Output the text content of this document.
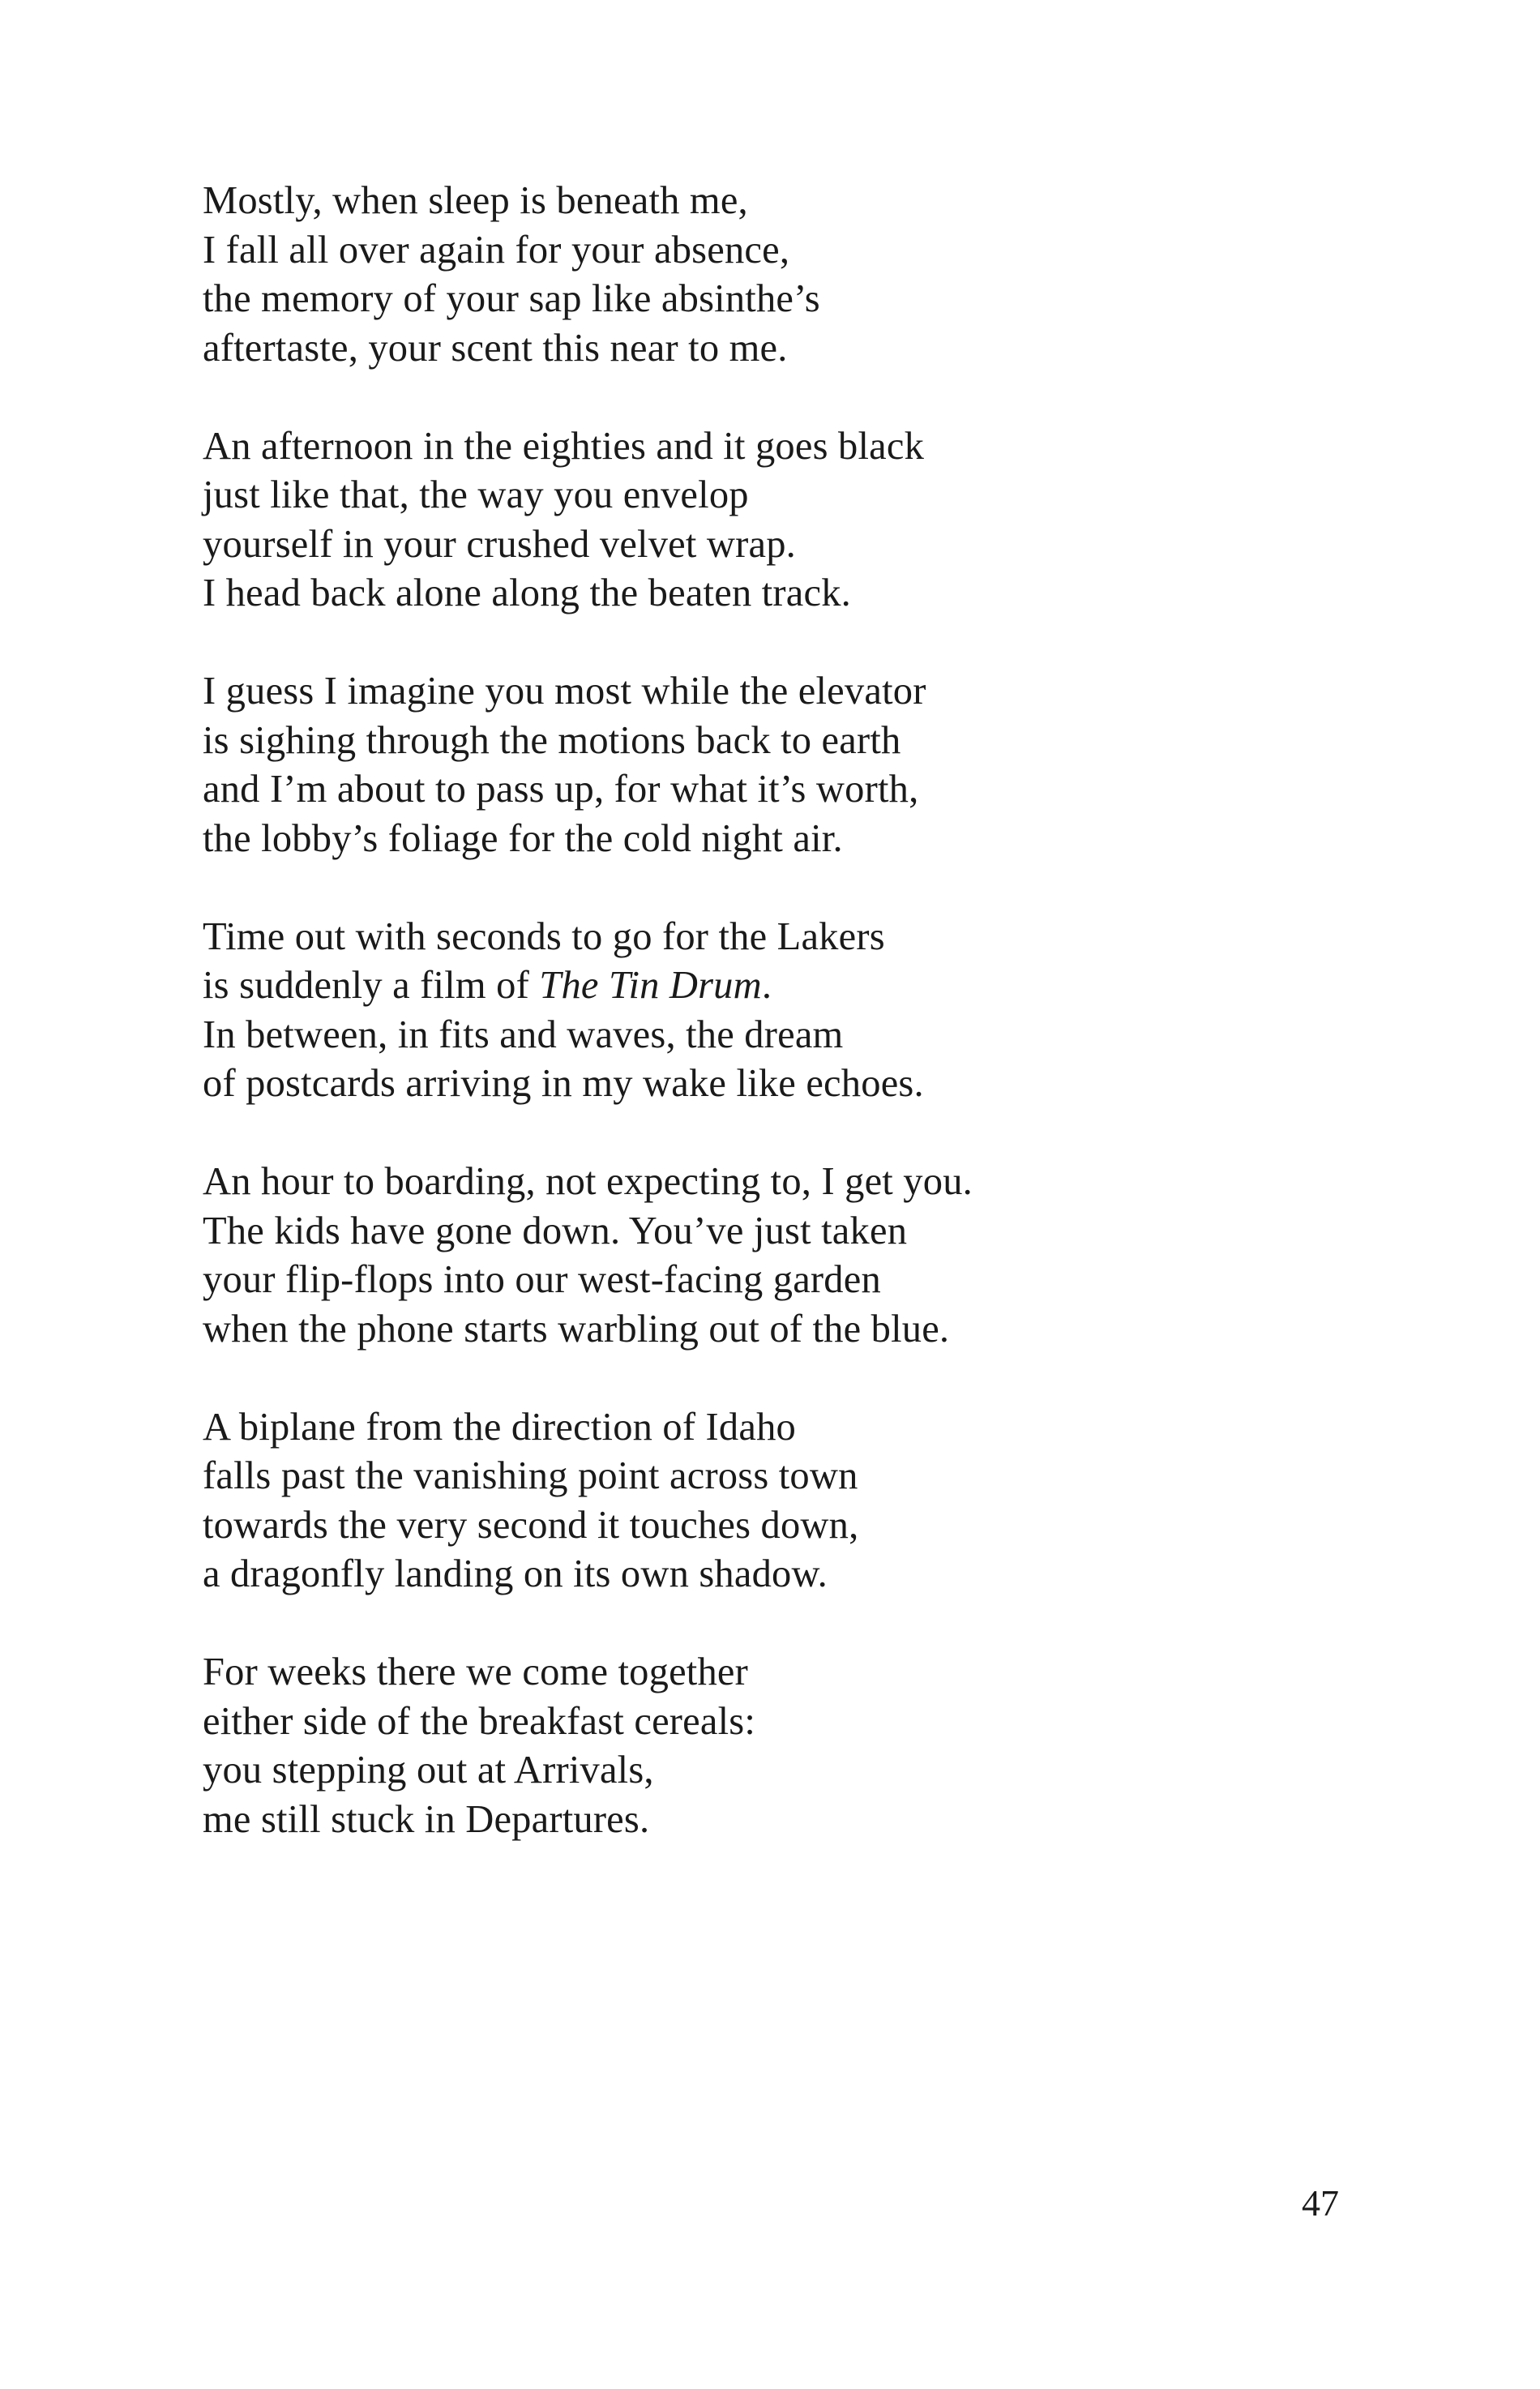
Mostly, when sleep is beneath me,
I fall all over again for your absence,
the memory of your sap like absinthe’s
aftertaste, your scent this near to me.
An afternoon in the eighties and it goes black
just like that, the way you envelop
yourself in your crushed velvet wrap.
I head back alone along the beaten track.
I guess I imagine you most while the elevator
is sighing through the motions back to earth
and I’m about to pass up, for what it’s worth,
the lobby’s foliage for the cold night air.
Time out with seconds to go for the Lakers
is suddenly a film of The Tin Drum.
In between, in fits and waves, the dream
of postcards arriving in my wake like echoes.
An hour to boarding, not expecting to, I get you.
The kids have gone down. You’ve just taken
your flip-flops into our west-facing garden
when the phone starts warbling out of the blue.
A biplane from the direction of Idaho
falls past the vanishing point across town
towards the very second it touches down,
a dragonfly landing on its own shadow.
For weeks there we come together
either side of the breakfast cereals:
you stepping out at Arrivals,
me still stuck in Departures.
47
